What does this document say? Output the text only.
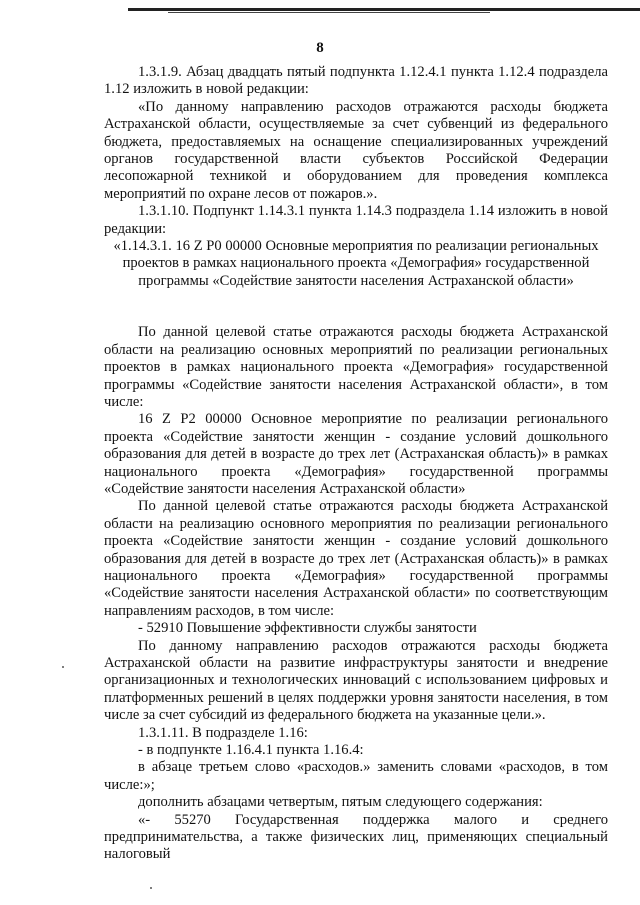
8

1.3.1.9. Абзац двадцать пятый подпункта 1.12.4.1 пункта 1.12.4 подраздела 1.12 изложить в новой редакции:

«По данному направлению расходов отражаются расходы бюджета Астраханской области, осуществляемые за счет субвенций из федерального бюджета, предоставляемых на оснащение специализированных учреждений органов государственной власти субъектов Российской Федерации лесопожарной техникой и оборудованием для проведения комплекса мероприятий по охране лесов от пожаров.».

1.3.1.10. Подпункт 1.14.3.1 пункта 1.14.3 подраздела 1.14 изложить в новой редакции:

«1.14.3.1. 16 Z P0 00000 Основные мероприятия по реализации региональных проектов в рамках национального проекта «Демография» государственной программы «Содействие занятости населения Астраханской области»

По данной целевой статье отражаются расходы бюджета Астраханской области на реализацию основных мероприятий по реализации региональных проектов в рамках национального проекта «Демография» государственной программы «Содействие занятости населения Астраханской области», в том числе:

16 Z P2 00000 Основное мероприятие по реализации регионального проекта «Содействие занятости женщин - создание условий дошкольного образования для детей в возрасте до трех лет (Астраханская область)» в рамках национального проекта «Демография» государственной программы «Содействие занятости населения Астраханской области»

По данной целевой статье отражаются расходы бюджета Астраханской области на реализацию основного мероприятия по реализации регионального проекта «Содействие занятости женщин - создание условий дошкольного образования для детей в возрасте до трех лет (Астраханская область)» в рамках национального проекта «Демография» государственной программы «Содействие занятости населения Астраханской области» по соответствующим направлениям расходов, в том числе:

- 52910 Повышение эффективности службы занятости

По данному направлению расходов отражаются расходы бюджета Астраханской области на развитие инфраструктуры занятости и внедрение организационных и технологических инноваций с использованием цифровых и платформенных решений в целях поддержки уровня занятости населения, в том числе за счет субсидий из федерального бюджета на указанные цели.».

1.3.1.11. В подразделе 1.16:

- в подпункте 1.16.4.1 пункта 1.16.4:

в абзаце третьем слово «расходов.» заменить словами «расходов, в том числе:»;

дополнить абзацами четвертым, пятым следующего содержания:

«- 55270 Государственная поддержка малого и среднего предпринимательства, а также физических лиц, применяющих специальный налоговый
